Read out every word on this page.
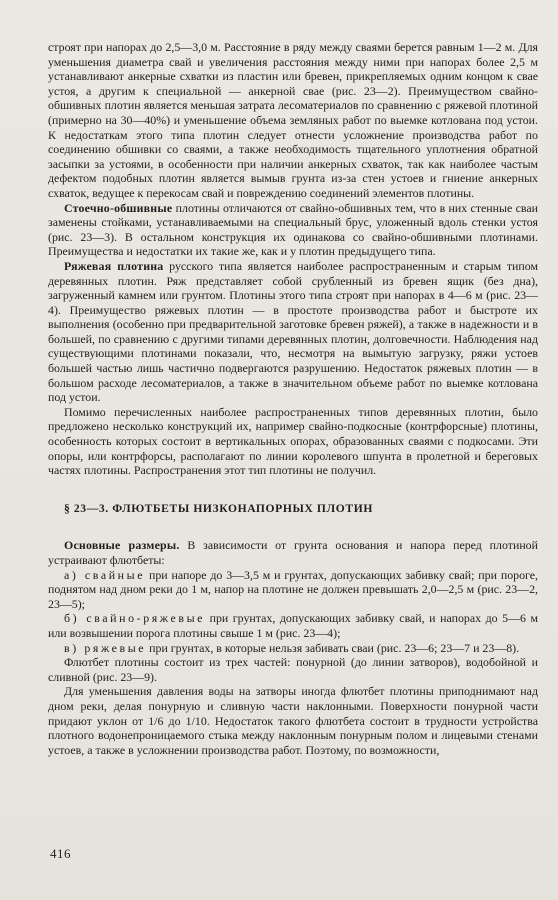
строят при напорах до 2,5—3,0 м. Расстояние в ряду между сваями берется равным 1—2 м. Для уменьшения диаметра свай и увеличения расстояния между ними при напорах более 2,5 м устанавливают анкерные схватки из пластин или бревен, прикрепляемых одним концом к свае устоя, а другим к специальной — анкерной свае (рис. 23—2). Преимуществом свайно-обшивных плотин является меньшая затрата лесоматериалов по сравнению с ряжевой плотиной (примерно на 30—40%) и уменьшение объема земляных работ по выемке котлована под устои. К недостаткам этого типа плотин следует отнести усложнение производства работ по соединению обшивки со сваями, а также необходимость тщательного уплотнения обратной засыпки за устоями, в особенности при наличии анкерных схваток, так как наиболее частым дефектом подобных плотин является вымыв грунта из-за стен устоев и гниение анкерных схваток, ведущее к перекосам свай и повреждению соединений элементов плотины.

Стоечно-обшивные плотины отличаются от свайно-обшивных тем, что в них стенные сваи заменены стойками, устанавливаемыми на специальный брус, уложенный вдоль стенки устоя (рис. 23—3). В остальном конструкция их одинакова со свайно-обшивными плотинами. Преимущества и недостатки их такие же, как и у плотин предыдущего типа.

Ряжевая плотина русского типа является наиболее распространенным и старым типом деревянных плотин. Ряж представляет собой срубленный из бревен ящик (без дна), загруженный камнем или грунтом. Плотины этого типа строят при напорах в 4—6 м (рис. 23—4). Преимущество ряжевых плотин — в простоте производства работ и быстроте их выполнения (особенно при предварительной заготовке бревен ряжей), а также в надежности и в большей, по сравнению с другими типами деревянных плотин, долговечности. Наблюдения над существующими плотинами показали, что, несмотря на вымытую загрузку, ряжи устоев большей частью лишь частично подвергаются разрушению. Недостаток ряжевых плотин — в большом расходе лесоматериалов, а также в значительном объеме работ по выемке котлована под устои.

Помимо перечисленных наиболее распространенных типов деревянных плотин, было предложено несколько конструкций их, например свайно-подкосные (контрфорсные) плотины, особенность которых состоит в вертикальных опорах, образованных сваями с подкосами. Эти опоры, или контрфорсы, располагают по линии королевого шпунта в пролетной и береговых частях плотины. Распространения этот тип плотины не получил.

§ 23—3. ФЛЮТБЕТЫ НИЗКОНАПОРНЫХ ПЛОТИН

Основные размеры. В зависимости от грунта основания и напора перед плотиной устраивают флютбеты:

а) свайные при напоре до 3—3,5 м и грунтах, допускающих забивку свай; при пороге, поднятом над дном реки до 1 м, напор на плотине не должен превышать 2,0—2,5 м (рис. 23—2, 23—5);

б) свайно-ряжевые при грунтах, допускающих забивку свай, и напорах до 5—6 м или возвышении порога плотины свыше 1 м (рис. 23—4);

в) ряжевые при грунтах, в которые нельзя забивать сваи (рис. 23—6; 23—7 и 23—8).

Флютбет плотины состоит из трех частей: понурной (до линии затворов), водобойной и сливной (рис. 23—9).

Для уменьшения давления воды на затворы иногда флютбет плотины приподнимают над дном реки, делая понурную и сливную части наклонными. Поверхности понурной части придают уклон от 1/6 до 1/10. Недостаток такого флютбета состоит в трудности устройства плотного водонепроницаемого стыка между наклонным понурным полом и лицевыми стенами устоев, а также в усложнении производства работ. Поэтому, по возможности,

416
